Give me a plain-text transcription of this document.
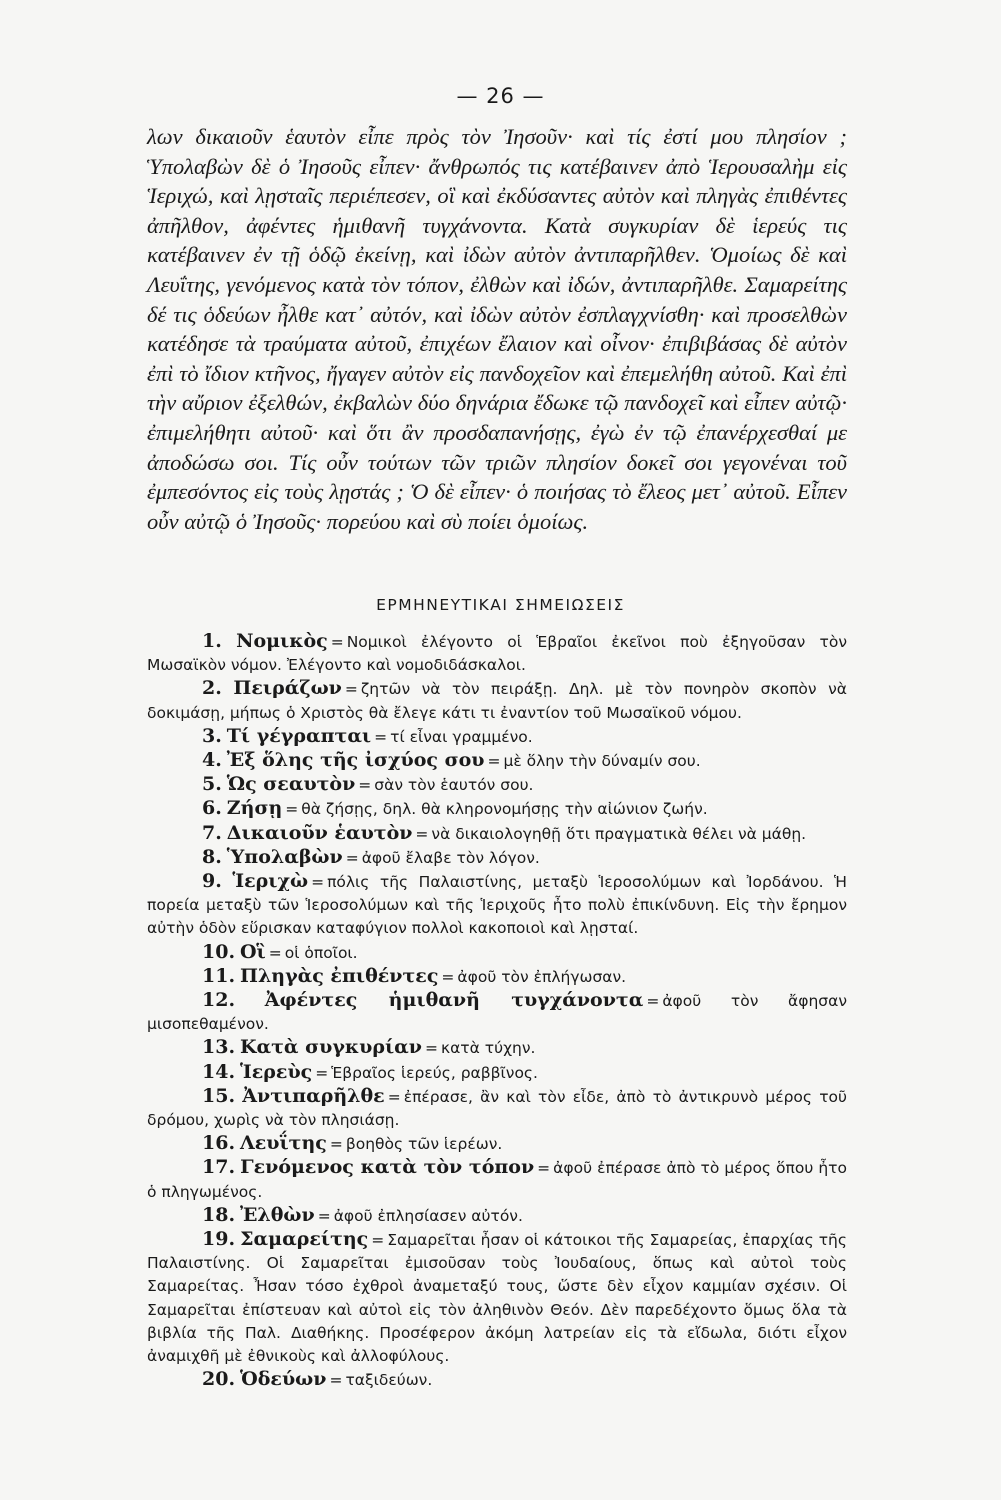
— 26 —

λων δικαιοῦν ἑαυτὸν εἶπε πρὸς τὸν Ἰησοῦν· καὶ τίς ἐστί μου πλησίον ; Ὑπολαβὼν δὲ ὁ Ἰησοῦς εἶπεν· ἄνθρωπός τις κατέβαινεν ἀπὸ Ἱερουσαλὴμ εἰς Ἱεριχώ, καὶ λῃσταῖς περιέπεσεν, οἳ καὶ ἐκδύσαντες αὐτὸν καὶ πληγὰς ἐπιθέντες ἀπῆλθον, ἀφέντες ἡμιθανῆ τυγχάνοντα. Κατὰ συγκυρίαν δὲ ἱερεύς τις κατέβαινεν ἐν τῇ ὁδῷ ἐκείνῃ, καὶ ἰδὼν αὐτὸν ἀντιπαρῆλθεν. Ὁμοίως δὲ καὶ Λευΐτης, γενόμενος κατὰ τὸν τόπον, ἐλθὼν καὶ ἰδών, ἀντιπαρῆλθε. Σαμαρείτης δέ τις ὁδεύων ἦλθε κατ᾽ αὐτόν, καὶ ἰδὼν αὐτὸν ἐσπλαγχνίσθη· καὶ προσελθὼν κατέδησε τὰ τραύματα αὐτοῦ, ἐπιχέων ἔλαιον καὶ οἶνον· ἐπιβιβάσας δὲ αὐτὸν ἐπὶ τὸ ἴδιον κτῆνος, ἤγαγεν αὐτὸν εἰς πανδοχεῖον καὶ ἐπεμελήθη αὐτοῦ. Καὶ ἐπὶ τὴν αὔριον ἐξελθών, ἐκβαλὼν δύο δηνάρια ἔδωκε τῷ πανδοχεῖ καὶ εἶπεν αὐτῷ· ἐπιμελήθητι αὐτοῦ· καὶ ὅτι ἂν προσδαπανήσῃς, ἐγὼ ἐν τῷ ἐπανέρχεσθαί με ἀποδώσω σοι. Τίς οὖν τούτων τῶν τριῶν πλησίον δοκεῖ σοι γεγονέναι τοῦ ἐμπεσόντος εἰς τοὺς λῃστάς ; Ὁ δὲ εἶπεν· ὁ ποιήσας τὸ ἔλεος μετ᾽ αὐτοῦ. Εἶπεν οὖν αὐτῷ ὁ Ἰησοῦς· πορεύου καὶ σὺ ποίει ὁμοίως.

ΕΡΜΗΝΕΥΤΙΚΑΙ ΣΗΜΕΙΩΣΕΙΣ

1. Νομικὸς = Νομικοὶ ἐλέγοντο οἱ Ἑβραῖοι ἐκεῖνοι ποὺ ἐξηγοῦσαν τὸν Μωσαϊκὸν νόμον. Ἐλέγοντο καὶ νομοδιδάσκαλοι.

2. Πειράζων = ζητῶν νὰ τὸν πειράξῃ. Δηλ. μὲ τὸν πονηρὸν σκοπὸν νὰ δοκιμάσῃ, μήπως ὁ Χριστὸς θὰ ἔλεγε κάτι τι ἐναντίον τοῦ Μωσαϊκοῦ νόμου.

3. Τί γέγραπται = τί εἶναι γραμμένο.

4. Ἐξ ὅλης τῆς ἰσχύος σου = μὲ ὅλην τὴν δύναμίν σου.

5. Ὡς σεαυτὸν = σὰν τὸν ἑαυτόν σου.

6. Ζήσῃ = θὰ ζήσῃς, δηλ. θὰ κληρονομήσῃς τὴν αἰώνιον ζωήν.

7. Δικαιοῦν ἑαυτὸν = νὰ δικαιολογηθῇ ὅτι πραγματικὰ θέλει νὰ μάθῃ.

8. Ὑπολαβὼν = ἀφοῦ ἔλαβε τὸν λόγον.

9. Ἱεριχὼ = πόλις τῆς Παλαιστίνης, μεταξὺ Ἱεροσολύμων καὶ Ἰορδάνου. Ἡ πορεία μεταξὺ τῶν Ἱεροσολύμων καὶ τῆς Ἱεριχοῦς ἦτο πολὺ ἐπικίνδυνη. Εἰς τὴν ἔρημον αὐτὴν ὁδὸν εὕρισκαν καταφύγιον πολλοὶ κακοποιοὶ καὶ λῃσταί.

10. Οἳ = οἱ ὁποῖοι.

11. Πληγὰς ἐπιθέντες = ἀφοῦ τὸν ἐπλήγωσαν.

12. Ἀφέντες ἡμιθανῆ τυγχάνοντα = ἀφοῦ τὸν ἄφησαν μισοπεθαμένον.

13. Κατὰ συγκυρίαν = κατὰ τύχην.

14. Ἱερεὺς = Ἑβραῖος ἱερεύς, ραββῖνος.

15. Ἀντιπαρῆλθε = ἐπέρασε, ἂν καὶ τὸν εἶδε, ἀπὸ τὸ ἀντικρυνὸ μέρος τοῦ δρόμου, χωρὶς νὰ τὸν πλησιάσῃ.

16. Λευΐτης = βοηθὸς τῶν ἱερέων.

17. Γενόμενος κατὰ τὸν τόπον = ἀφοῦ ἐπέρασε ἀπὸ τὸ μέρος ὅπου ἦτο ὁ πληγωμένος.

18. Ἐλθὼν = ἀφοῦ ἐπλησίασεν αὐτόν.

19. Σαμαρείτης = Σαμαρεῖται ἦσαν οἱ κάτοικοι τῆς Σαμαρείας, ἐπαρχίας τῆς Παλαιστίνης. Οἱ Σαμαρεῖται ἐμισοῦσαν τοὺς Ἰουδαίους, ὅπως καὶ αὐτοὶ τοὺς Σαμαρείτας. Ἦσαν τόσο ἐχθροὶ ἀναμεταξύ τους, ὥστε δὲν εἶχον καμμίαν σχέσιν. Οἱ Σαμαρεῖται ἐπίστευαν καὶ αὐτοὶ εἰς τὸν ἀληθινὸν Θεόν. Δὲν παρεδέχοντο ὅμως ὅλα τὰ βιβλία τῆς Παλ. Διαθήκης. Προσέφερον ἀκόμη λατρείαν εἰς τὰ εἴδωλα, διότι εἶχον ἀναμιχθῆ μὲ ἐθνικοὺς καὶ ἀλλοφύλους.

20. Ὁδεύων = ταξιδεύων.
